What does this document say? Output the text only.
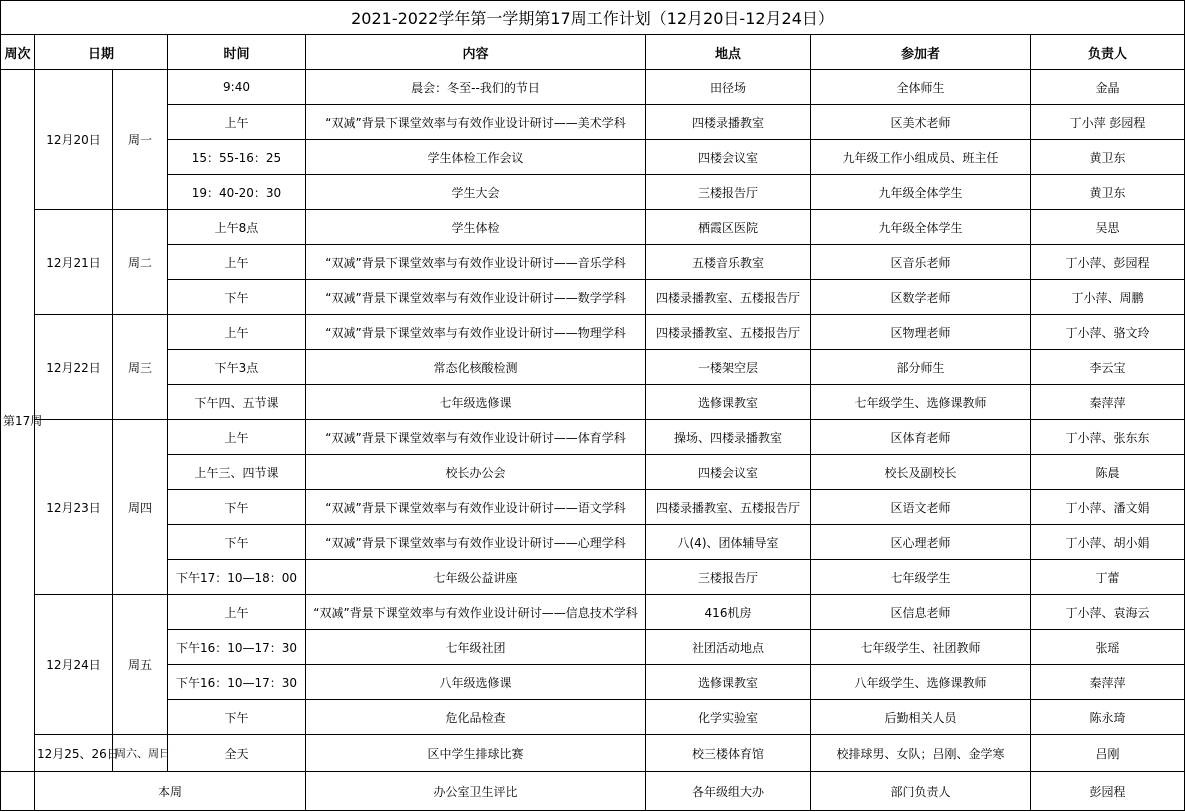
2021-2022学年第一学期第17周工作计划（12月20日-12月24日）							
周次	日期		时间	内容	地点	参加者	负责人
第17周	12月20日	周一	9:40	晨会：冬至--我们的节日	田径场	全体师生	金晶
			上午	“双减”背景下课堂效率与有效作业设计研讨——美术学科	四楼录播教室	区美术老师	丁小萍 彭园程
			15：55-16：25	学生体检工作会议	四楼会议室	九年级工作小组成员、班主任	黄卫东
			19：40-20：30	学生大会	三楼报告厅	九年级全体学生	黄卫东
	12月21日	周二	上午8点	学生体检	栖霞区医院	九年级全体学生	吴思
			上午	“双减”背景下课堂效率与有效作业设计研讨——音乐学科	五楼音乐教室	区音乐老师	丁小萍、彭园程
			下午	“双减”背景下课堂效率与有效作业设计研讨——数学学科	四楼录播教室、五楼报告厅	区数学老师	丁小萍、周鹏
	12月22日	周三	上午	“双减”背景下课堂效率与有效作业设计研讨——物理学科	四楼录播教室、五楼报告厅	区物理老师	丁小萍、骆文玲
			下午3点	常态化核酸检测	一楼架空层	部分师生	李云宝
			下午四、五节课	七年级选修课	选修课教室	七年级学生、选修课教师	秦萍萍
	12月23日	周四	上午	“双减”背景下课堂效率与有效作业设计研讨——体育学科	操场、四楼录播教室	区体育老师	丁小萍、张东东
			上午三、四节课	校长办公会	四楼会议室	校长及副校长	陈晨
			下午	“双减”背景下课堂效率与有效作业设计研讨——语文学科	四楼录播教室、五楼报告厅	区语文老师	丁小萍、潘文娟
			下午	“双减”背景下课堂效率与有效作业设计研讨——心理学科	八(4)、团体辅导室	区心理老师	丁小萍、胡小娟
			下午17：10—18：00	七年级公益讲座	三楼报告厅	七年级学生	丁蕾
	12月24日	周五	上午	“双减”背景下课堂效率与有效作业设计研讨——信息技术学科	416机房	区信息老师	丁小萍、袁海云
			下午16：10—17：30	七年级社团	社团活动地点	七年级学生、社团教师	张瑶
			下午16：10—17：30	八年级选修课	选修课教室	八年级学生、选修课教师	秦萍萍
			下午	危化品检查	化学实验室	后勤相关人员	陈永琦
	12月25、26日	周六、周日	全天	区中学生排球比赛	校三楼体育馆	校排球男、女队；吕刚、金学寒	吕刚
	本周			办公室卫生评比	各年级组大办	部门负责人	彭园程
